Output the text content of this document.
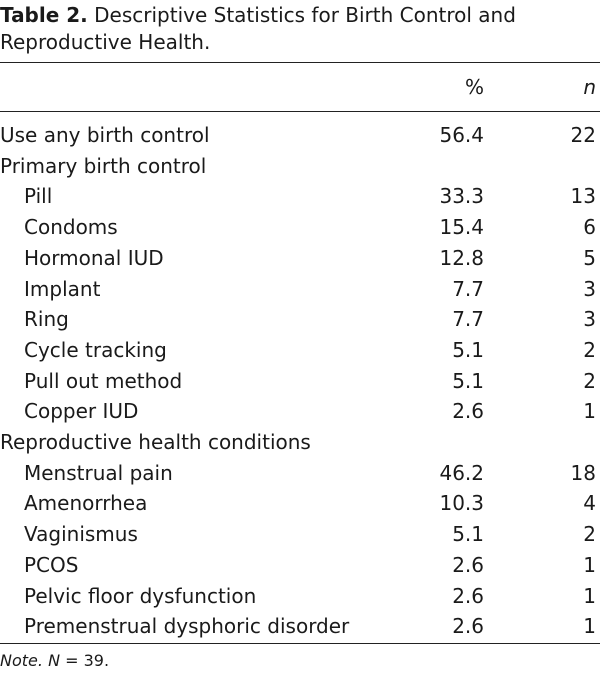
Table 2. Descriptive Statistics for Birth Control and Reproductive Health.
%	n
Use any birth control	56.4	22
Primary birth control
Pill	33.3	13
Condoms	15.4	6
Hormonal IUD	12.8	5
Implant	7.7	3
Ring	7.7	3
Cycle tracking	5.1	2
Pull out method	5.1	2
Copper IUD	2.6	1
Reproductive health conditions
Menstrual pain	46.2	18
Amenorrhea	10.3	4
Vaginismus	5.1	2
PCOS	2.6	1
Pelvic floor dysfunction	2.6	1
Premenstrual dysphoric disorder	2.6	1
Note. N = 39.
